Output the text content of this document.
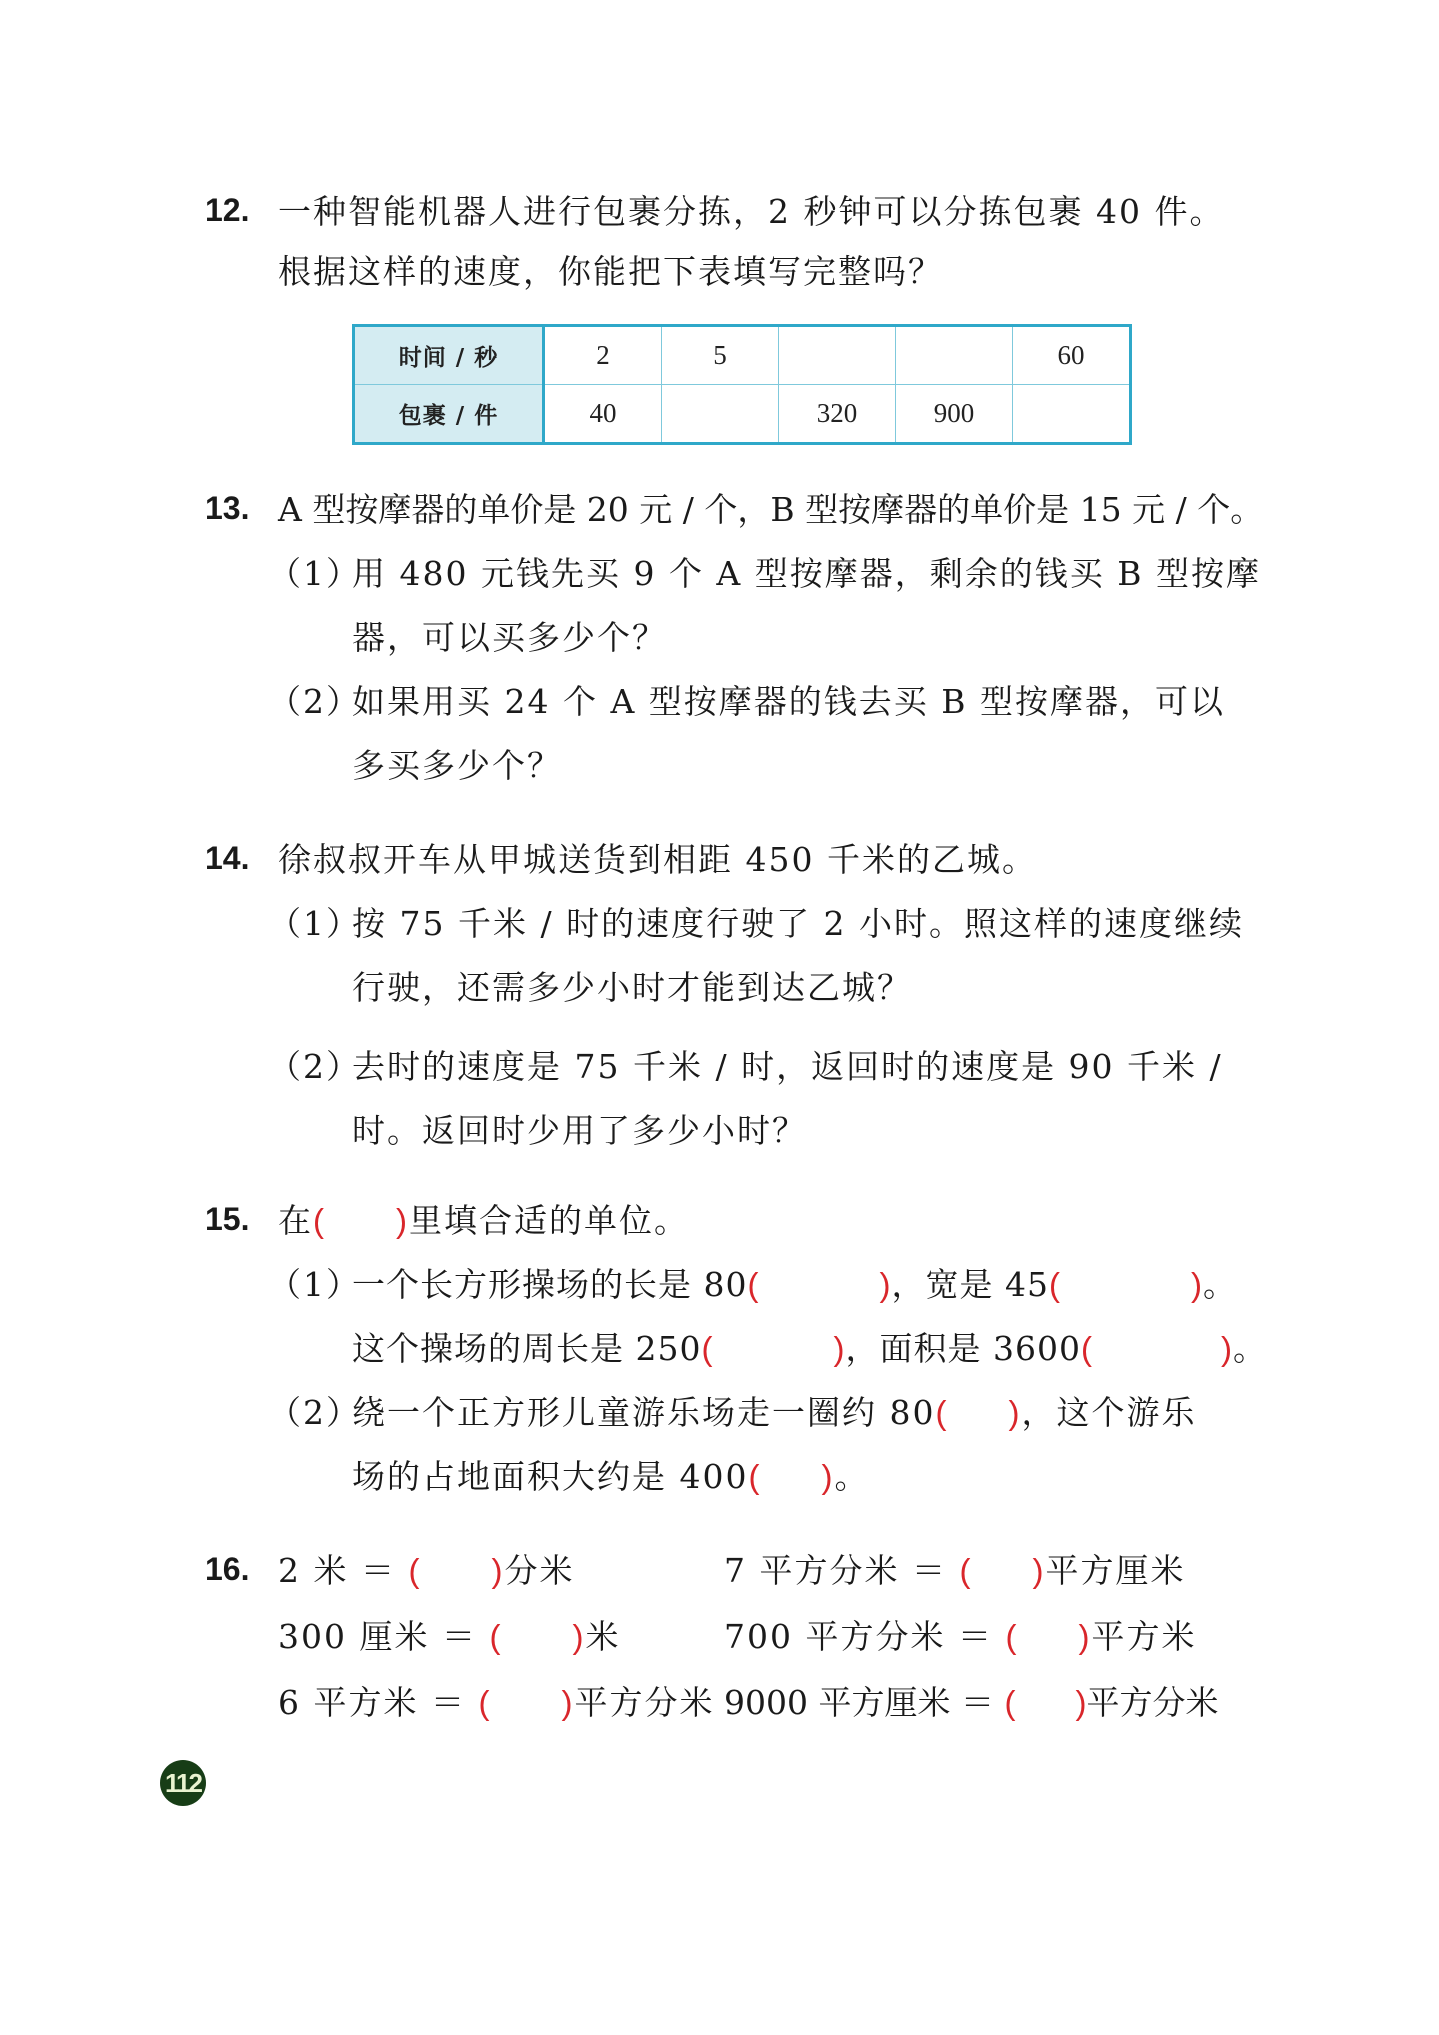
12. 一种智能机器人进行包裹分拣，2 秒钟可以分拣包裹 40 件。
根据这样的速度，你能把下表填写完整吗？
时间 / 秒	2	5			60
包裹 / 件	40		320	900	
13. A 型按摩器的单价是 20 元 / 个，B 型按摩器的单价是 15 元 / 个。
（1）
用 480 元钱先买 9 个 A 型按摩器，剩余的钱买 B 型按摩
器，可以买多少个？
（2）
如果用买 24 个 A 型按摩器的钱去买 B 型按摩器，可以
多买多少个？
14. 徐叔叔开车从甲城送货到相距 450 千米的乙城。
（1）
按 75 千米 / 时的速度行驶了 2 小时。照这样的速度继续
行驶，还需多少小时才能到达乙城？
（2）
去时的速度是 75 千米 / 时，返回时的速度是 90 千米 /
时。返回时少用了多少小时？
15. 在( )里填合适的单位。
（1）
一个长方形操场的长是 80(	)，宽是 45(	)。
这个操场的周长是 250(	)，面积是 3600(	)。
（2）
绕一个正方形儿童游乐场走一圈约 80( )，这个游乐
场的占地面积大约是 400( )。
16. 2 米 ＝ ( )分米	7 平方分米 ＝ ( )平方厘米
300 厘米 ＝ ( )米	700 平方分米 ＝ ( )平方米
6 平方米 ＝ ( )平方分米 9000 平方厘米 ＝ ( )平方分米
112
